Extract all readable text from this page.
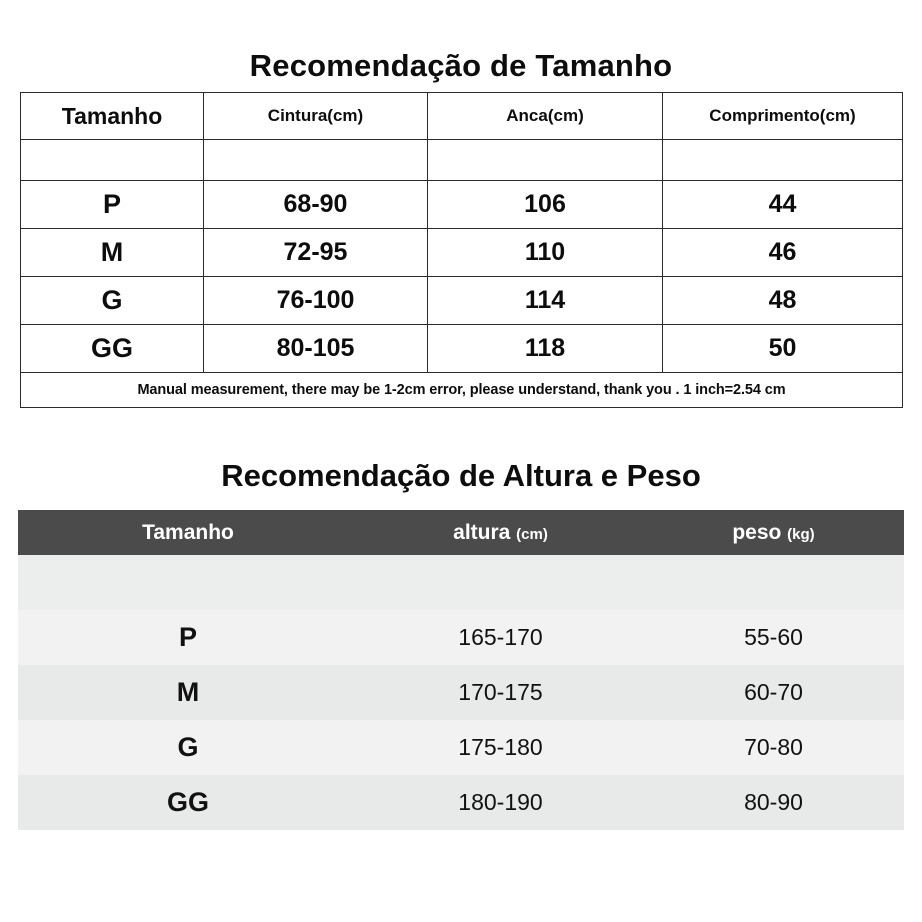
Recomendação de Tamanho
Tamanho	Cintura(cm)	Anca(cm)	Comprimento(cm)

P	68-90	106	44
M	72-95	110	46
G	76-100	114	48
GG	80-105	118	50
Manual measurement, there may be 1-2cm error, please understand, thank you . 1 inch=2.54 cm			
Recomendação de Altura e Peso
Tamanho	altura (cm)	peso (kg)

P	165-170	55-60
M	170-175	60-70
G	175-180	70-80
GG	180-190	80-90
